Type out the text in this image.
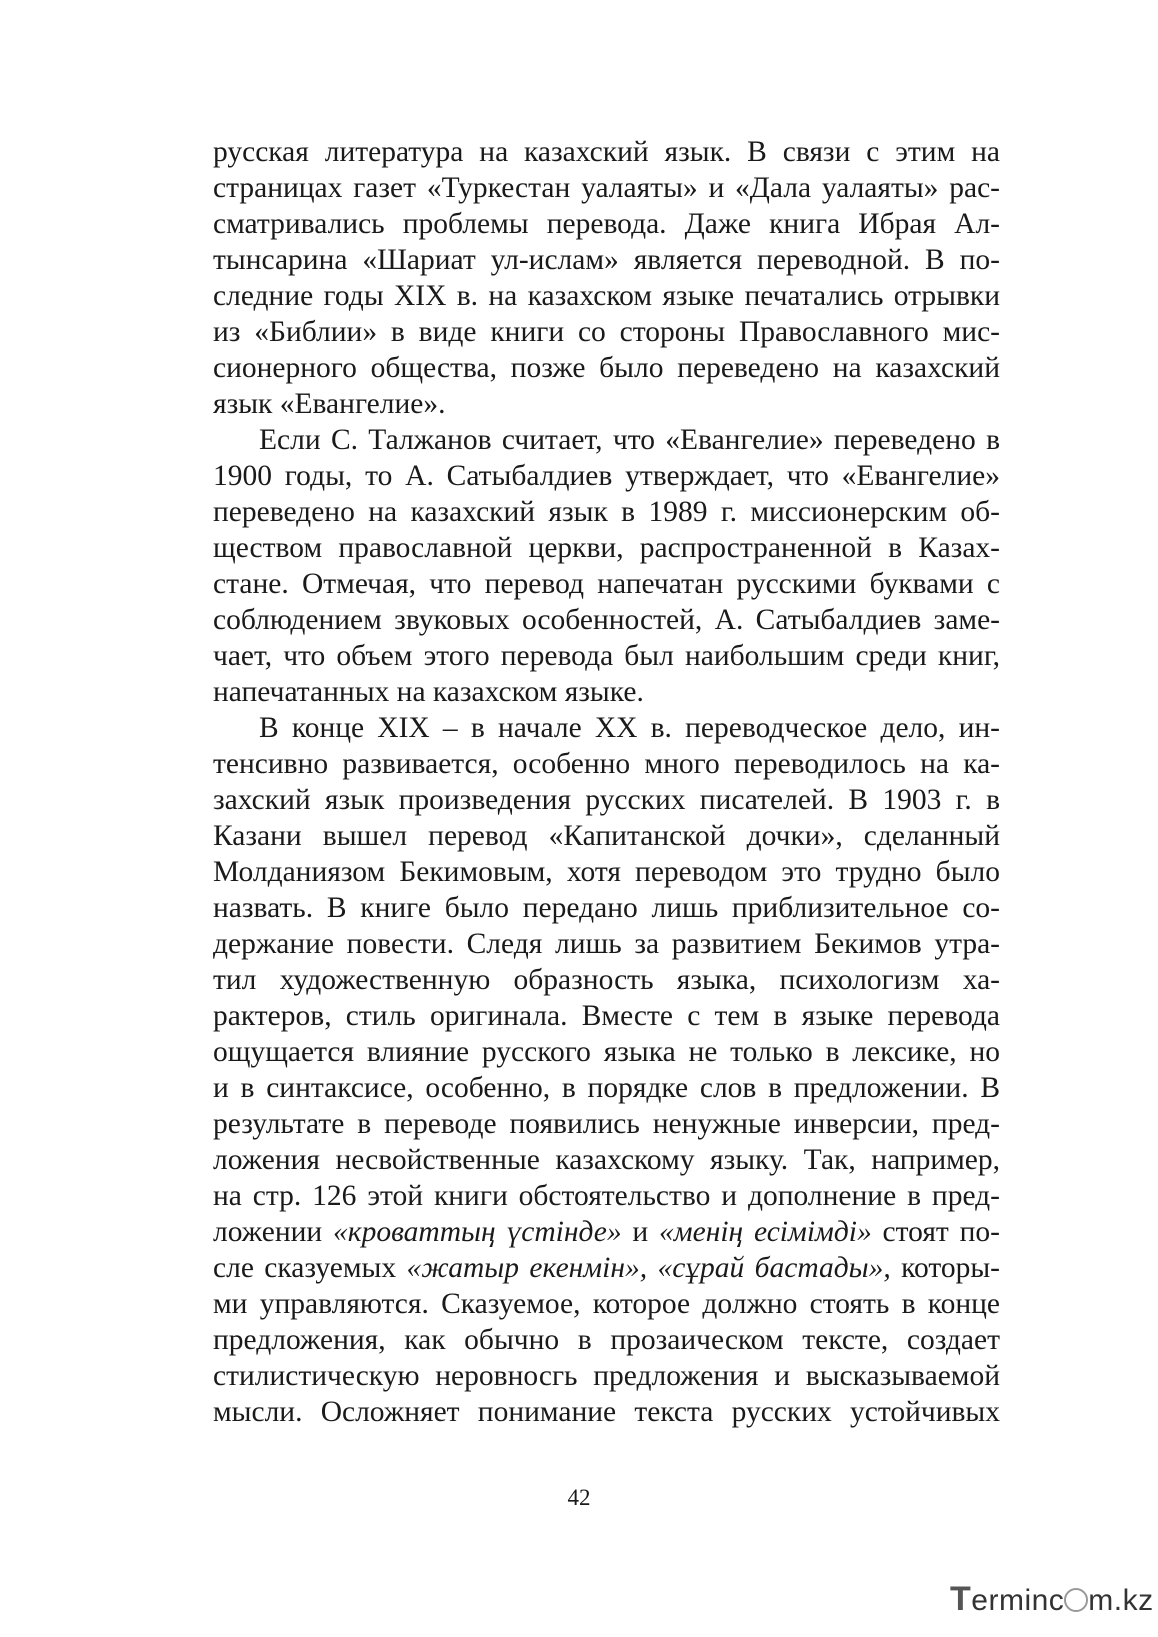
русская литература на казахский язык. В связи с этим на
страницах газет «Туркестан уалаяты» и «Дала уалаяты» рас-
сматривались проблемы перевода. Даже книга Ибрая Ал-
тынсарина «Шариат ул-ислам» является переводной. В по-
следние годы XIX в. на казахском языке печатались отрывки
из «Библии» в виде книги со стороны Православного мис-
сионерного общества, позже было переведено на казахский
язык «Евангелие».
Если С. Талжанов считает, что «Евангелие» переведено в
1900 годы, то А. Сатыбалдиев утверждает, что «Евангелие»
переведено на казахский язык в 1989 г. миссионерским об-
ществом православной церкви, распространенной в Казах-
стане. Отмечая, что перевод напечатан русскими буквами с
соблюдением звуковых особенностей, А. Сатыбалдиев заме-
чает, что объем этого перевода был наибольшим среди книг,
напечатанных на казахском языке.
В конце XIX – в начале XX в. переводческое дело, ин-
тенсивно развивается, особенно много переводилось на ка-
захский язык произведения русских писателей. В 1903 г. в
Казани вышел перевод «Капитанской дочки», сделанный
Молданиязом Бекимовым, хотя переводом это трудно было
назвать. В книге было передано лишь приблизительное со-
держание повести. Следя лишь за развитием Бекимов утра-
тил художественную образность языка, психологизм ха-
рактеров, стиль оригинала. Вместе с тем в языке перевода
ощущается влияние русского языка не только в лексике, но
и в синтаксисе, особенно, в порядке слов в предложении. В
результате в переводе появились ненужные инверсии, пред-
ложения несвойственные казахскому языку. Так, например,
на стр. 126 этой книги обстоятельство и дополнение в пред-
ложении «кроваттың үстінде» и «менің есімімді» стоят по-
сле сказуемых «жатыр екенмін», «сұрай бастады», которы-
ми управляются. Сказуемое, которое должно стоять в конце
предложения, как обычно в прозаическом тексте, создает
стилистическую неровносгь предложения и высказываемой
мысли. Осложняет понимание текста русских устойчивых
42
Terminc m.kz
